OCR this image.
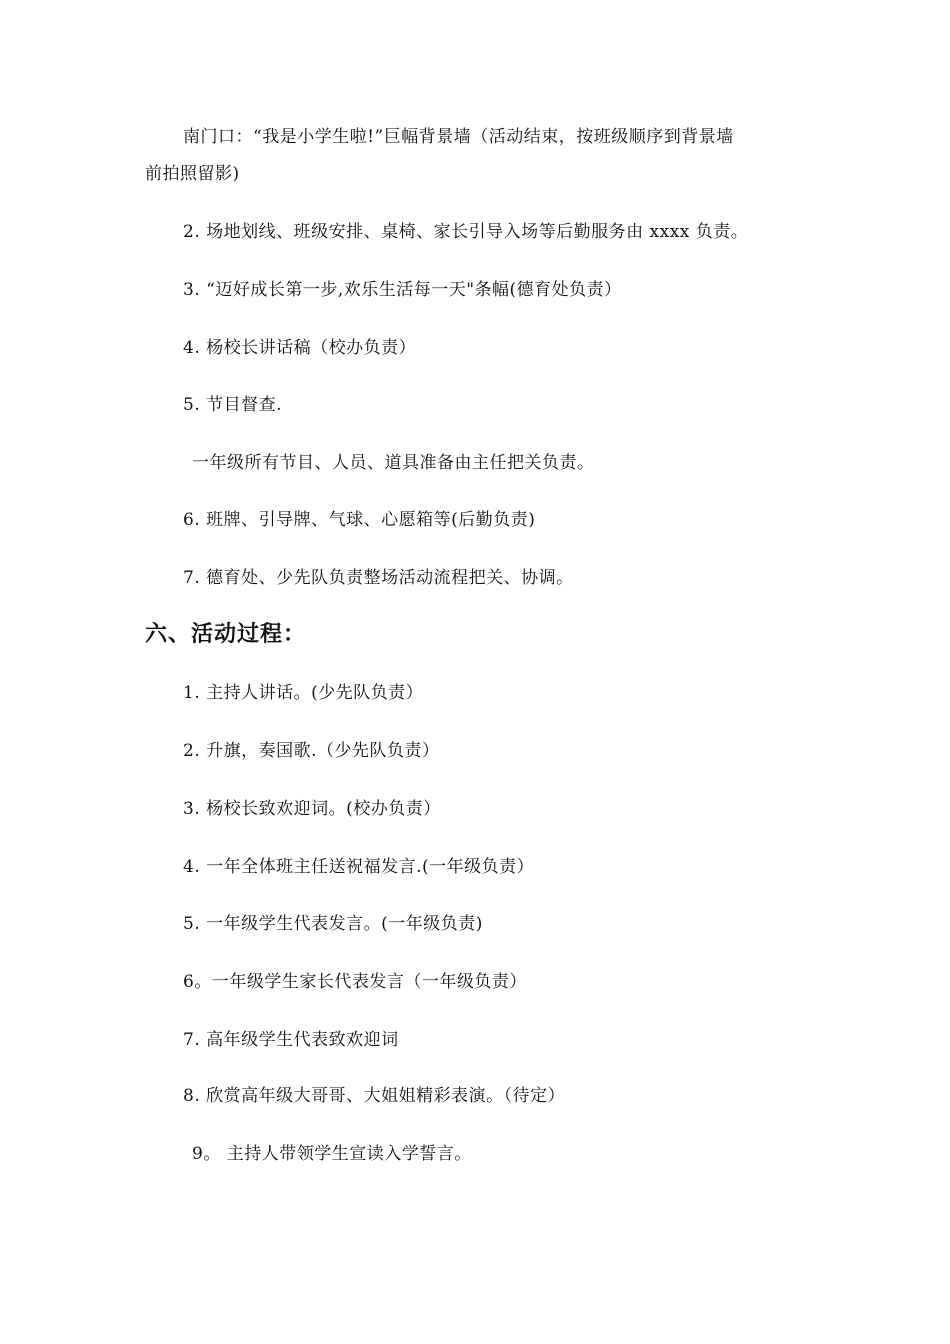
南门口：“我是小学生啦!”巨幅背景墙（活动结束，按班级顺序到背景墙
前拍照留影)
2. 场地划线、班级安排、桌椅、家长引导入场等后勤服务由 xxxx 负责。
3. “迈好成长第一步,欢乐生活每一天"条幅(德育处负责）
4. 杨校长讲话稿（校办负责）
5. 节目督查.
一年级所有节目、人员、道具准备由主任把关负责。
6. 班牌、引导牌、气球、心愿箱等(后勤负责)
7. 德育处、少先队负责整场活动流程把关、协调。
六、活动过程：
1. 主持人讲话。(少先队负责）
2. 升旗，奏国歌.（少先队负责）
3. 杨校长致欢迎词。(校办负责）
4. 一年全体班主任送祝福发言.(一年级负责）
5. 一年级学生代表发言。(一年级负责)
6。一年级学生家长代表发言（一年级负责）
7. 高年级学生代表致欢迎词
8. 欣赏高年级大哥哥、大姐姐精彩表演。（待定）
9。 主持人带领学生宣读入学誓言。
